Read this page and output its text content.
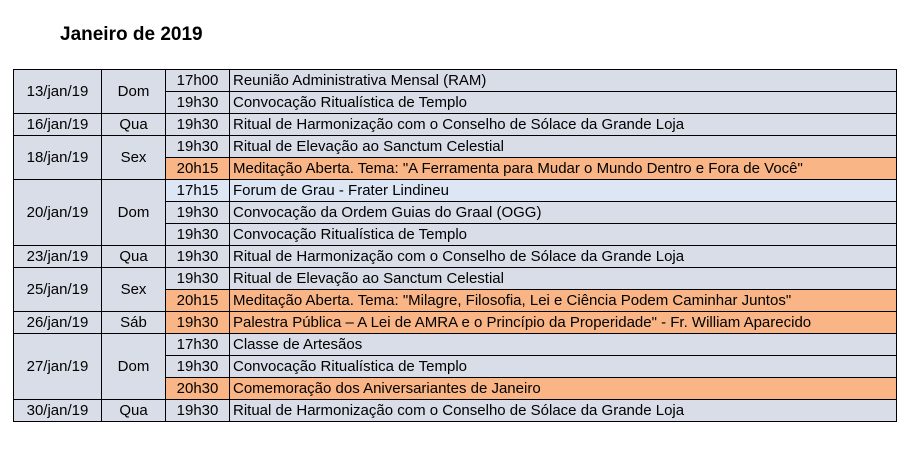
Janeiro de 2019
13/jan/19	Dom	17h00	Reunião Administrativa Mensal (RAM)
		19h30	Convocação Ritualística de Templo
16/jan/19	Qua	19h30	Ritual de Harmonização com o Conselho de Sólace da Grande Loja
18/jan/19	Sex	19h30	Ritual de Elevação ao Sanctum Celestial
		20h15	Meditação Aberta. Tema: "A Ferramenta para Mudar o Mundo Dentro e Fora de Você"
20/jan/19	Dom	17h15	Forum de Grau - Frater Lindineu
		19h30	Convocação da Ordem Guias do Graal (OGG)
		19h30	Convocação Ritualística de Templo
23/jan/19	Qua	19h30	Ritual de Harmonização com o Conselho de Sólace da Grande Loja
25/jan/19	Sex	19h30	Ritual de Elevação ao Sanctum Celestial
		20h15	Meditação Aberta. Tema: "Milagre, Filosofia, Lei e Ciência Podem Caminhar Juntos"
26/jan/19	Sáb	19h30	Palestra Pública – A Lei de AMRA e o Princípio da Properidade" - Fr. William Aparecido
27/jan/19	Dom	17h30	Classe de Artesãos
		19h30	Convocação Ritualística de Templo
		20h30	Comemoração dos Aniversariantes de Janeiro
30/jan/19	Qua	19h30	Ritual de Harmonização com o Conselho de Sólace da Grande Loja
